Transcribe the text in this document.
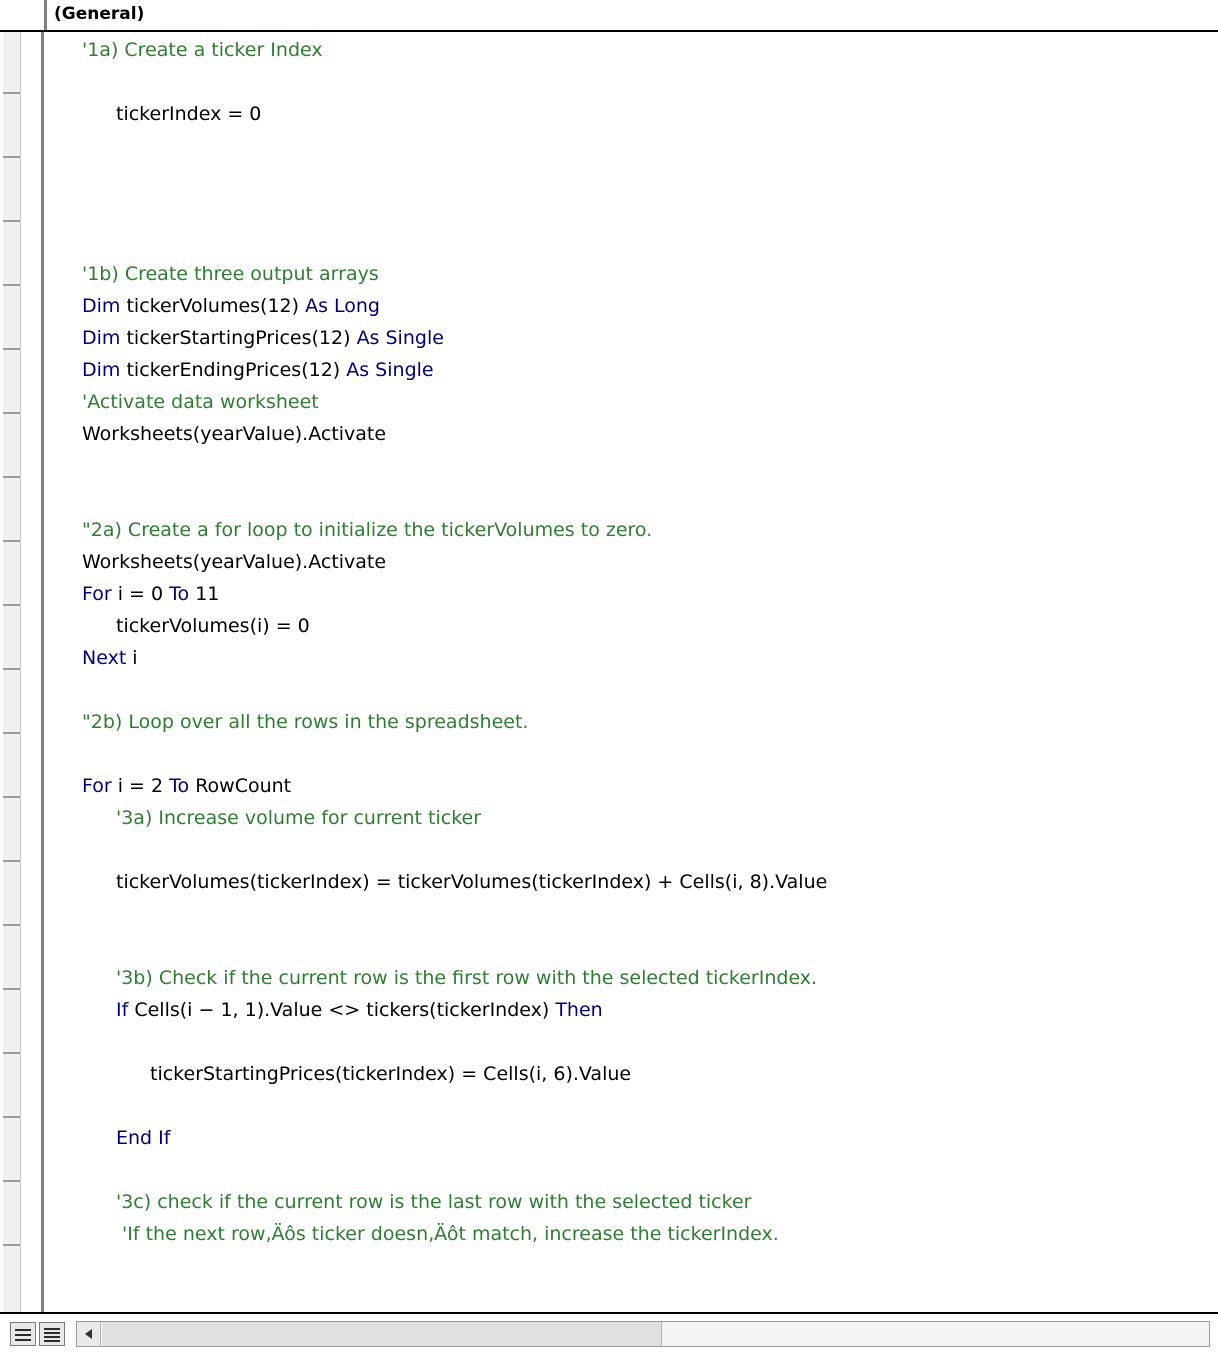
(General)
'1a) Create a ticker Index
tickerIndex = 0
'1b) Create three output arrays
Dim tickerVolumes(12) As Long
Dim tickerStartingPrices(12) As Single
Dim tickerEndingPrices(12) As Single
'Activate data worksheet
Worksheets(yearValue).Activate
"2a) Create a for loop to initialize the tickerVolumes to zero.
Worksheets(yearValue).Activate
For i = 0 To 11
tickerVolumes(i) = 0
Next i
"2b) Loop over all the rows in the spreadsheet.
For i = 2 To RowCount
'3a) Increase volume for current ticker
tickerVolumes(tickerIndex) = tickerVolumes(tickerIndex) + Cells(i, 8).Value
'3b) Check if the current row is the first row with the selected tickerIndex.
If Cells(i − 1, 1).Value <> tickers(tickerIndex) Then
tickerStartingPrices(tickerIndex) = Cells(i, 6).Value
End If
'3c) check if the current row is the last row with the selected ticker
'If the next row‚Äôs ticker doesn‚Äôt match, increase the tickerIndex.
